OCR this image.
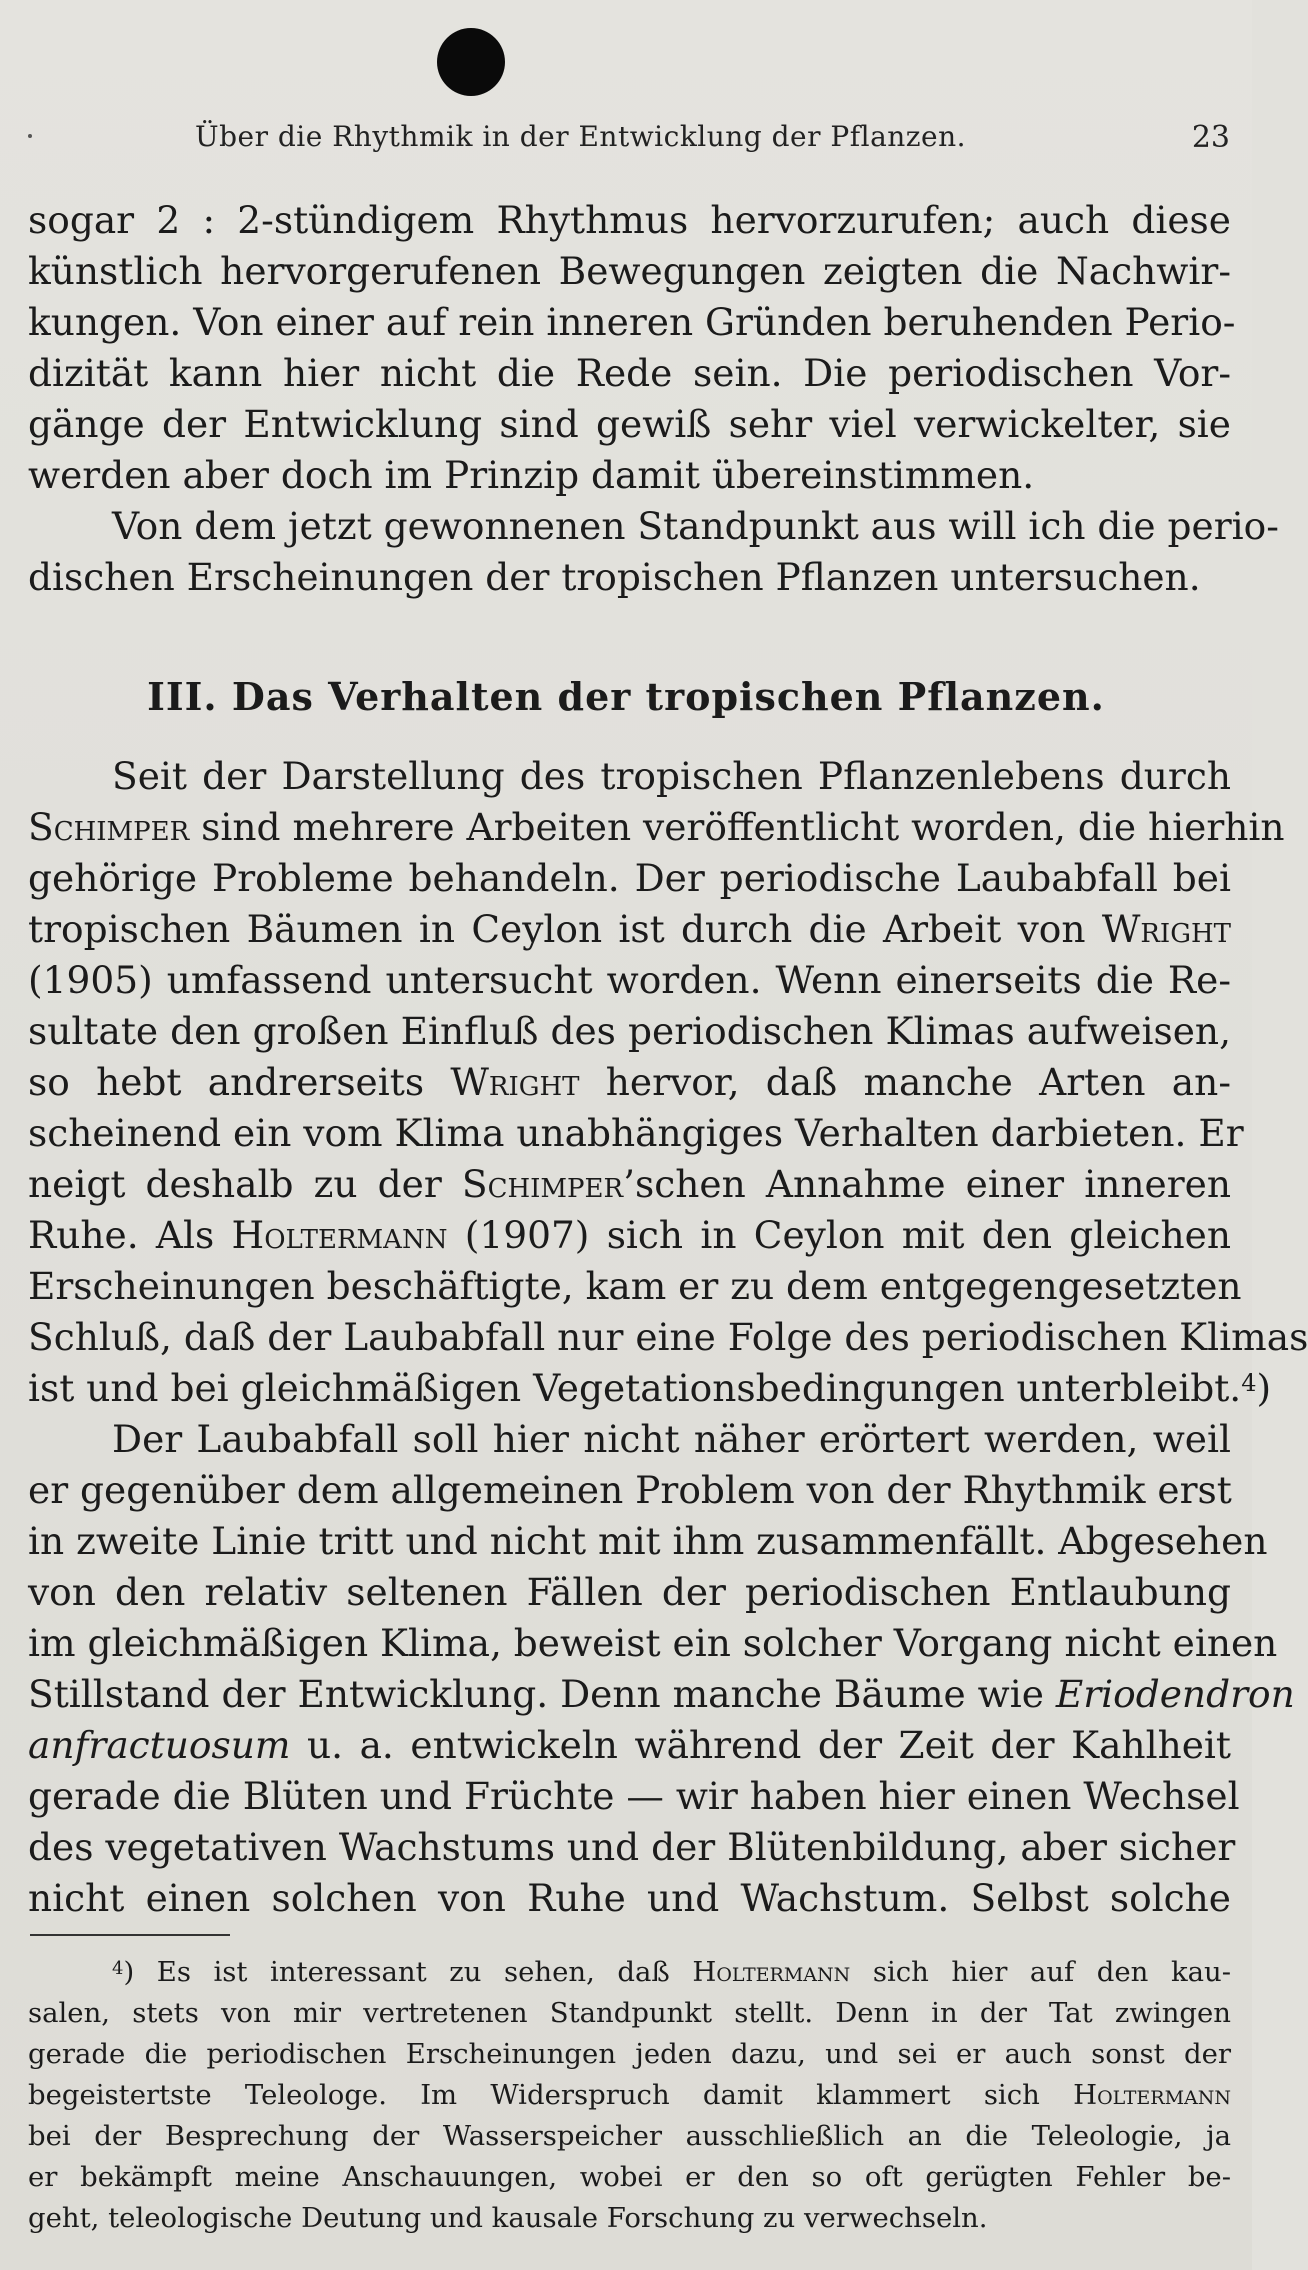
Über die Rhythmik in der Entwicklung der Pflanzen.	23
sogar 2 : 2-stündigem Rhythmus hervorzurufen; auch diese
künstlich hervorgerufenen Bewegungen zeigten die Nachwir-
kungen. Von einer auf rein inneren Gründen beruhenden Perio-
dizität kann hier nicht die Rede sein. Die periodischen Vor-
gänge der Entwicklung sind gewiß sehr viel verwickelter, sie
werden aber doch im Prinzip damit übereinstimmen.
Von dem jetzt gewonnenen Standpunkt aus will ich die perio-
dischen Erscheinungen der tropischen Pflanzen untersuchen.
III. Das Verhalten der tropischen Pflanzen.
Seit der Darstellung des tropischen Pflanzenlebens durch
Schimper sind mehrere Arbeiten veröffentlicht worden, die hierhin
gehörige Probleme behandeln. Der periodische Laubabfall bei
tropischen Bäumen in Ceylon ist durch die Arbeit von Wright
(1905) umfassend untersucht worden. Wenn einerseits die Re-
sultate den großen Einfluß des periodischen Klimas aufweisen,
so hebt andrerseits Wright hervor, daß manche Arten an-
scheinend ein vom Klima unabhängiges Verhalten darbieten. Er
neigt deshalb zu der Schimper’schen Annahme einer inneren
Ruhe. Als Holtermann (1907) sich in Ceylon mit den gleichen
Erscheinungen beschäftigte, kam er zu dem entgegengesetzten
Schluß, daß der Laubabfall nur eine Folge des periodischen Klimas
ist und bei gleichmäßigen Vegetationsbedingungen unterbleibt.$^4$)
Der Laubabfall soll hier nicht näher erörtert werden, weil
er gegenüber dem allgemeinen Problem von der Rhythmik erst
in zweite Linie tritt und nicht mit ihm zusammenfällt. Abgesehen
von den relativ seltenen Fällen der periodischen Entlaubung
im gleichmäßigen Klima, beweist ein solcher Vorgang nicht einen
Stillstand der Entwicklung. Denn manche Bäume wie Eriodendron
anfractuosum u. a. entwickeln während der Zeit der Kahlheit
gerade die Blüten und Früchte — wir haben hier einen Wechsel
des vegetativen Wachstums und der Blütenbildung, aber sicher
nicht einen solchen von Ruhe und Wachstum. Selbst solche
$^4$) Es ist interessant zu sehen, daß Holtermann sich hier auf den kau-
salen, stets von mir vertretenen Standpunkt stellt. Denn in der Tat zwingen
gerade die periodischen Erscheinungen jeden dazu, und sei er auch sonst der
begeistertste Teleologe. Im Widerspruch damit klammert sich Holtermann
bei der Besprechung der Wasserspeicher ausschließlich an die Teleologie, ja
er bekämpft meine Anschauungen, wobei er den so oft gerügten Fehler be-
geht, teleologische Deutung und kausale Forschung zu verwechseln.
